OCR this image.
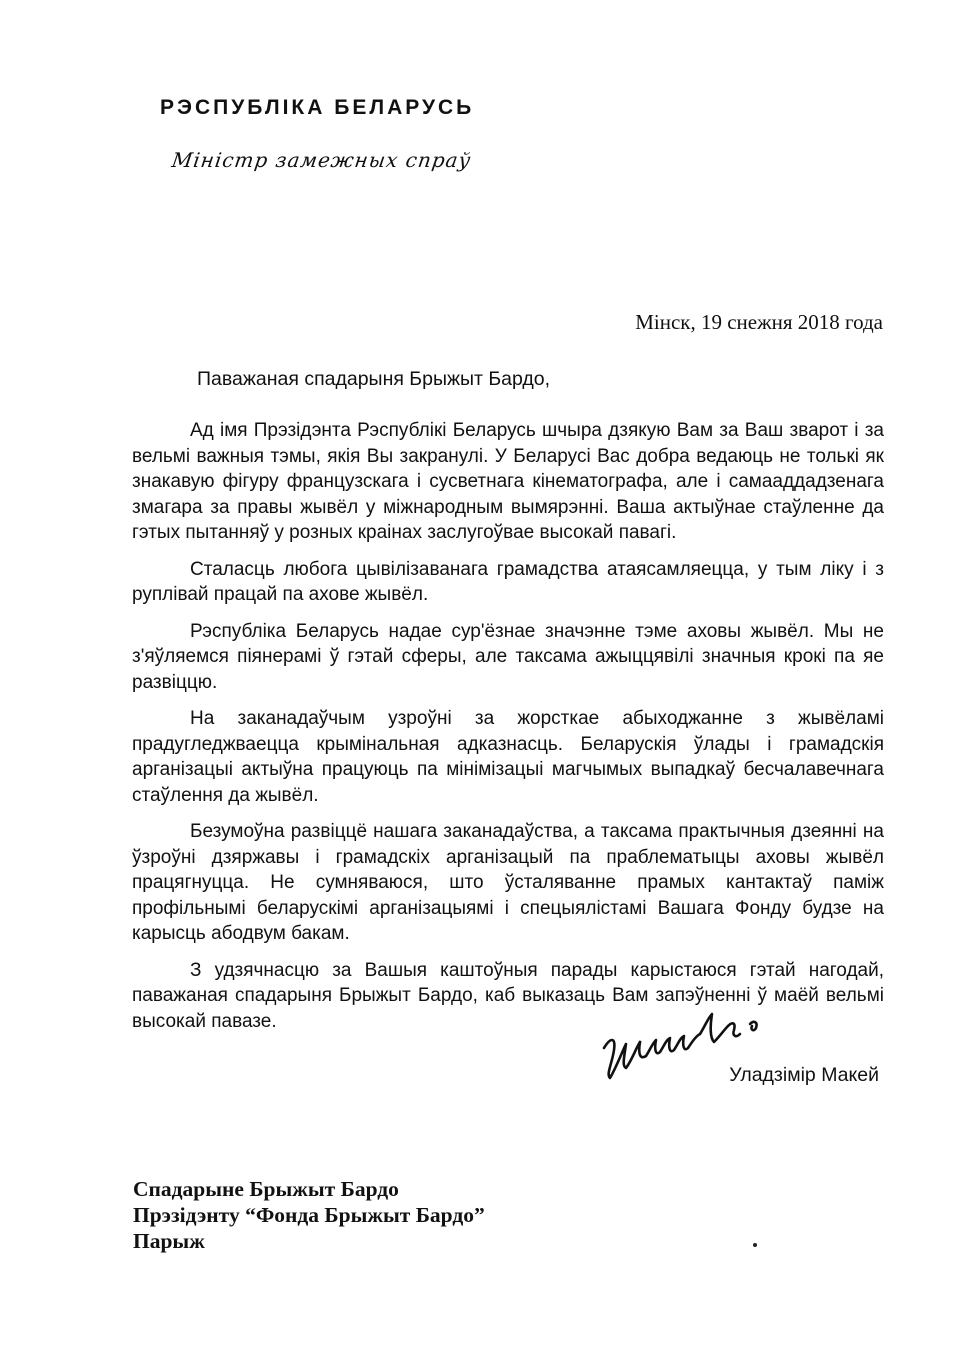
РЭСПУБЛІКА БЕЛАРУСЬ
Міністр замежных спраў
Мінск, 19 снежня 2018 года
Паважаная спадарыня Брыжыт Бардо,

Ад імя Прэзідэнта Рэспублікі Беларусь шчыра дзякую Вам за Ваш зварот і за вельмі важныя тэмы, якія Вы закранулі. У Беларусі Вас добра ведаюць не толькі як знакавую фігуру французскага і сусветнага кінематографа, але і самааддадзенага змагара за правы жывёл у міжнародным вымярэнні. Ваша актыўнае стаўленне да гэтых пытанняў у розных краінах заслугоўвае высокай павагі.

Сталасць любога цывілізаванага грамадства атаясамляецца, у тым ліку і з руплівай працай па ахове жывёл.

Рэспубліка Беларусь надае сур'ёзнае значэнне тэме аховы жывёл. Мы не з'яўляемся піянерамі ў гэтай сферы, але таксама ажыццявілі значныя крокі па яе развіццю.

На заканадаўчым узроўні за жорсткае абыходжанне з жывёламі прадугледжваецца крымінальная адказнасць. Беларускія ўлады і грамадскія арганізацыі актыўна працуюць па мінімізацыі магчымых выпадкаў бесчалавечнага стаўлення да жывёл.

Безумоўна развіццё нашага заканадаўства, а таксама практычныя дзеянні на ўзроўні дзяржавы і грамадскіх арганізацый па праблематыцы аховы жывёл працягнуцца. Не сумняваюся, што ўсталяванне прамых кантактаў паміж профільнымі беларускімі арганізацыямі і спецыялістамі Вашага Фонду будзе на карысць абодвум бакам.

З удзячнасцю за Вашыя каштоўныя парады карыстаюся гэтай нагодай, паважаная спадарыня Брыжыт Бардо, каб выказаць Вам запэўненні ў маёй вельмі высокай павазе.

Уладзімір Макей
Спадарыне Брыжыт Бардо
Прэзідэнту “Фонда Брыжыт Бардо”
Парыж
